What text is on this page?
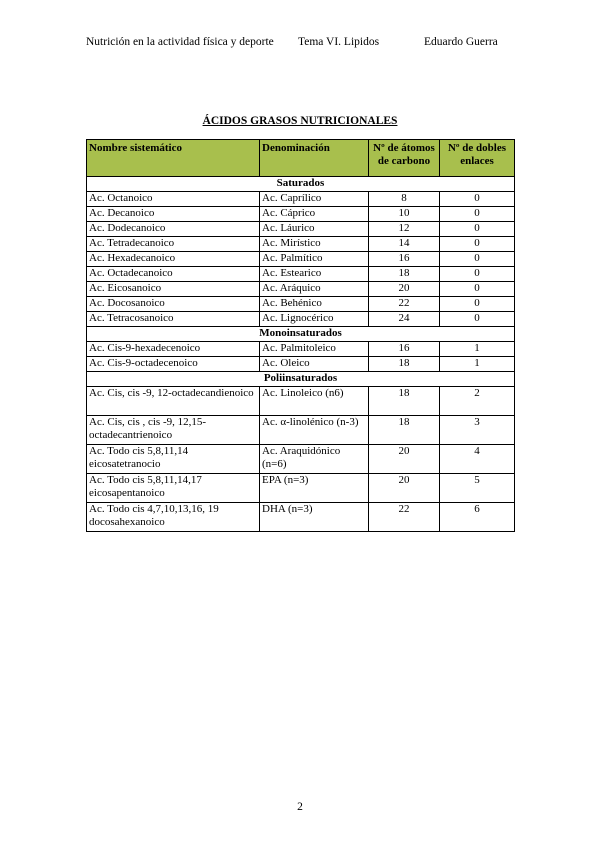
Nutrición en la actividad física y deporte Tema VI. Lipidos	Eduardo Guerra
ÁCIDOS GRASOS NUTRICIONALES
Nombre sistemático	Denominación	Nº de átomos de carbono	Nº de dobles enlaces
Saturados			
Ac. Octanoico	Ac. Caprílico	8	0
Ac. Decanoico	Ac. Cáprico	10	0
Ac. Dodecanoico	Ac. Láurico	12	0
Ac. Tetradecanoico	Ac. Mirístico	14	0
Ac. Hexadecanoico	Ac. Palmítico	16	0
Ac. Octadecanoico	Ac. Estearico	18	0
Ac. Eicosanoico	Ac. Aráquico	20	0
Ac. Docosanoico	Ac. Behénico	22	0
Ac. Tetracosanoico	Ac. Lignocérico	24	0
Monoinsaturados			
Ac. Cis-9-hexadecenoico	Ac. Palmitoleico	16	1
Ac. Cis-9-octadecenoico	Ac. Oleico	18	1
Poliinsaturados			
Ac. Cis, cis -9, 12-octadecandienoico	Ac. Linoleico (n6)	18	2
Ac. Cis, cis , cis -9, 12,15-octadecantrienoico	Ac. α-linolénico (n-3)	18	3
Ac. Todo cis 5,8,11,14 eicosatetranocio	Ac. Araquidónico (n=6)	20	4
Ac. Todo cis 5,8,11,14,17 eicosapentanoico	EPA (n=3)	20	5
Ac. Todo cis 4,7,10,13,16, 19 docosahexanoico	DHA (n=3)	22	6
2
